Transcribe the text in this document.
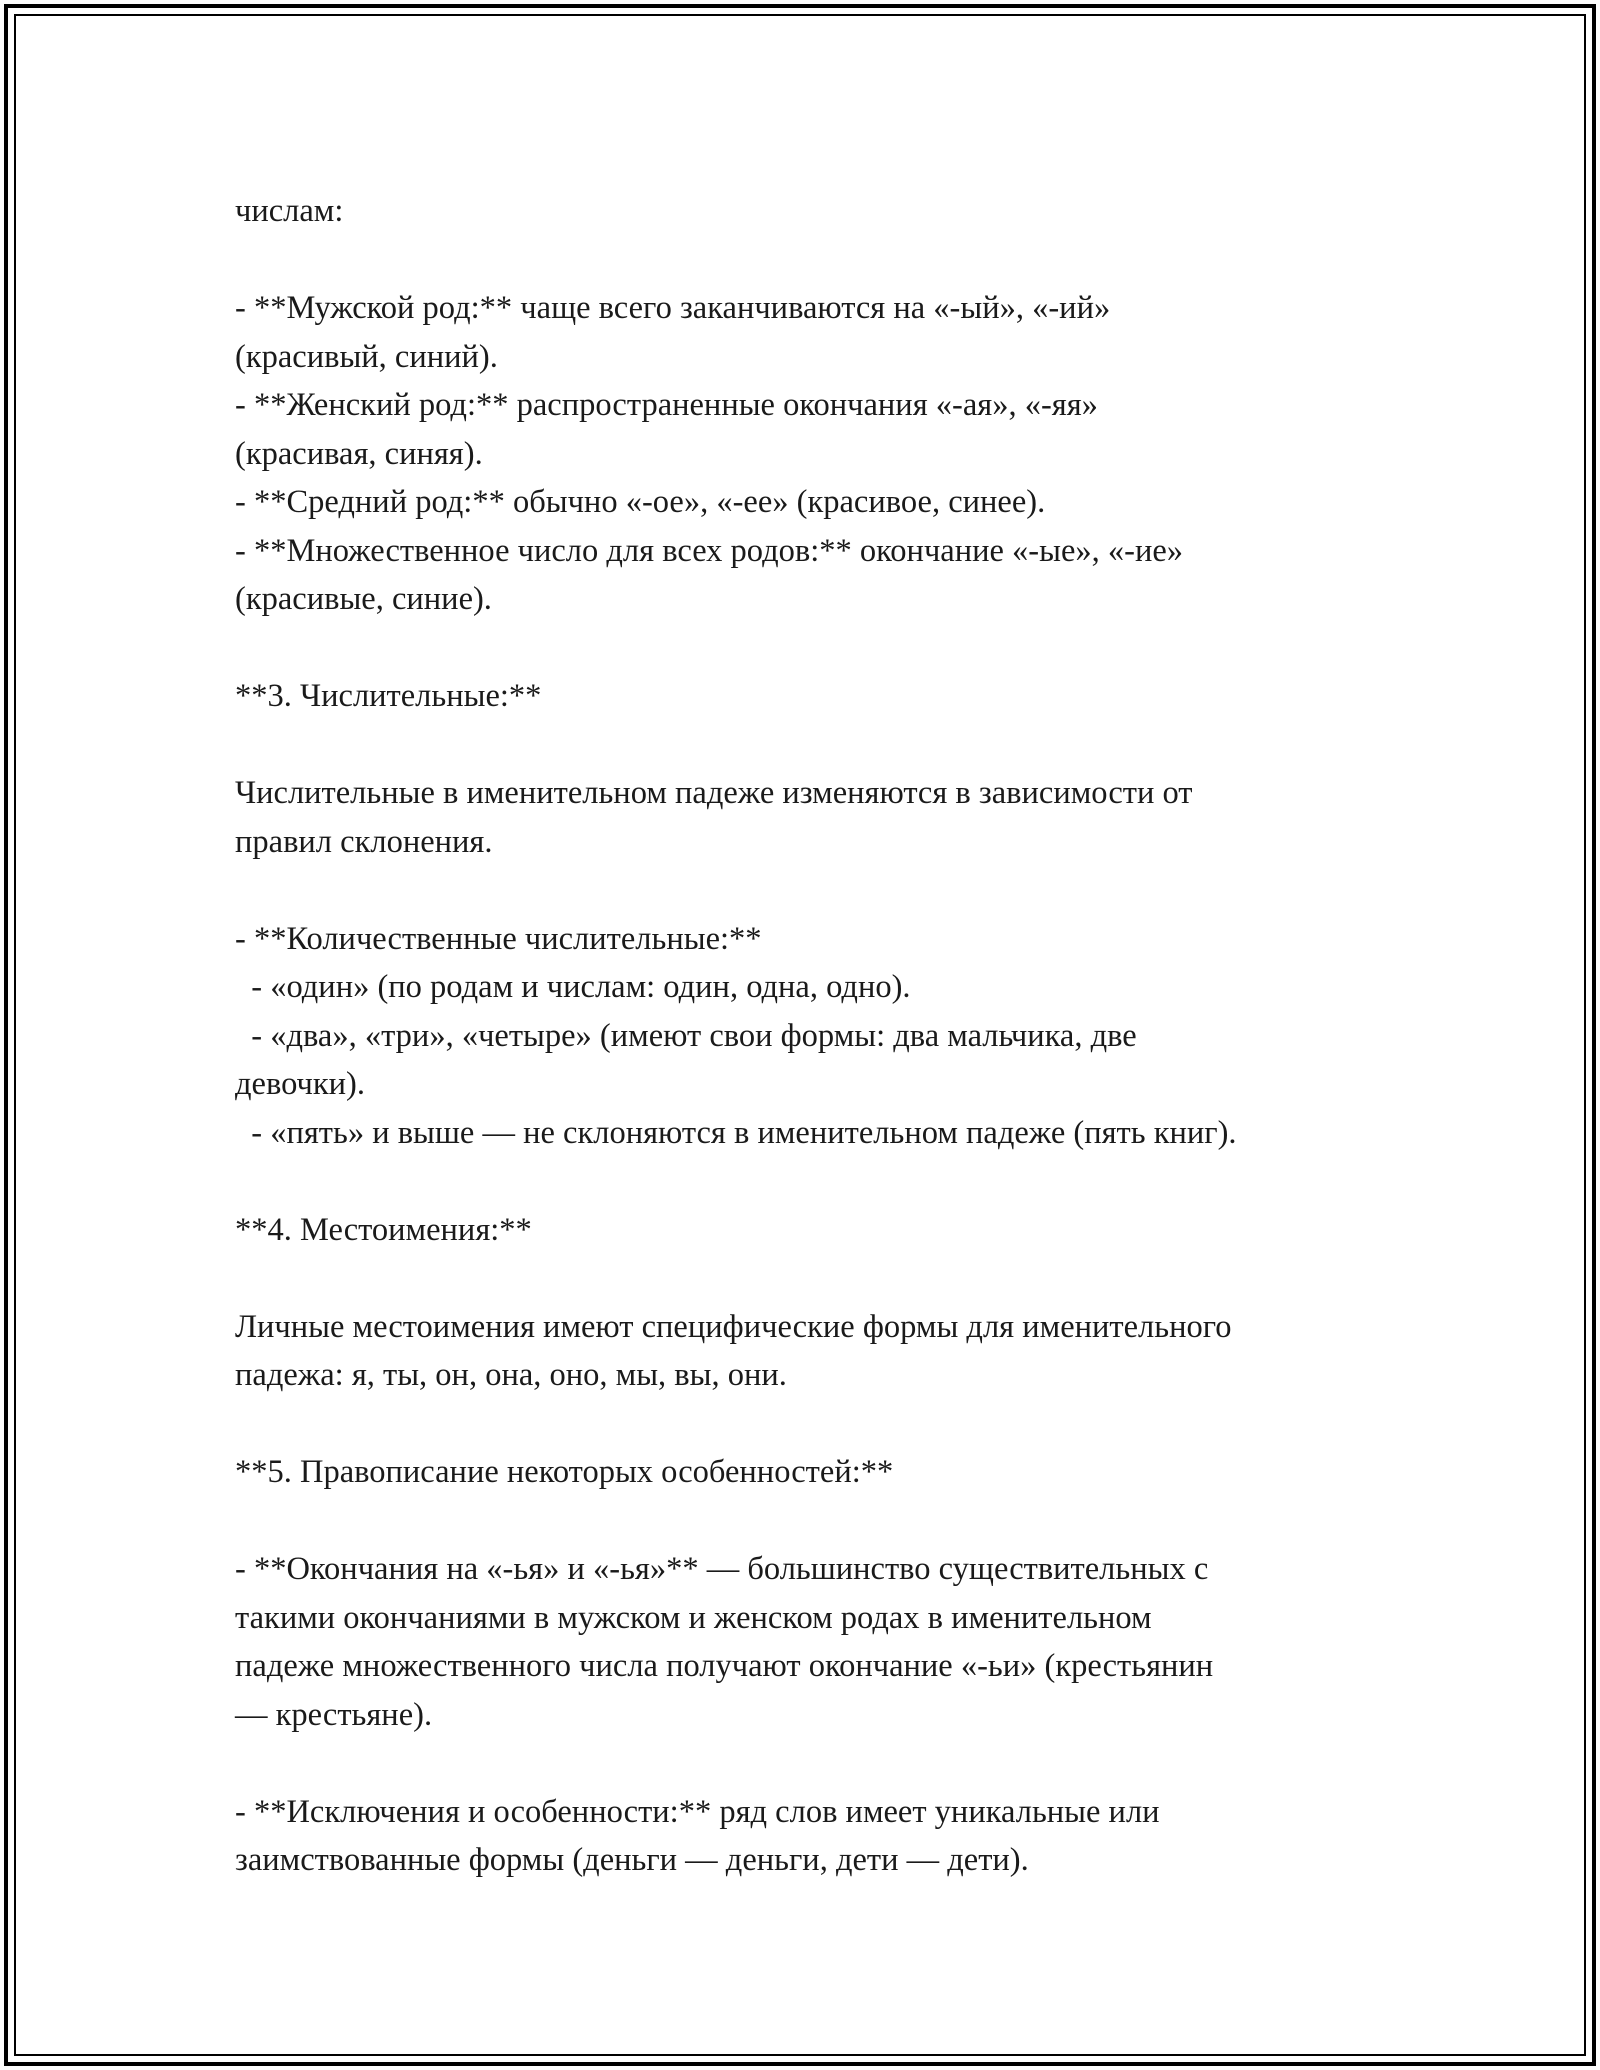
числам:
- **Мужской род:** чаще всего заканчиваются на «-ый», «-ий»
(красивый, синий).
- **Женский род:** распространенные окончания «-ая», «-яя»
(красивая, синяя).
- **Средний род:** обычно «-ое», «-ее» (красивое, синее).
- **Множественное число для всех родов:** окончание «-ые», «-ие»
(красивые, синие).
**3. Числительные:**
Числительные в именительном падеже изменяются в зависимости от
правил склонения.
- **Количественные числительные:**
- «один» (по родам и числам: один, одна, одно).
- «два», «три», «четыре» (имеют свои формы: два мальчика, две
девочки).
- «пять» и выше — не склоняются в именительном падеже (пять книг).
**4. Местоимения:**
Личные местоимения имеют специфические формы для именительного
падежа: я, ты, он, она, оно, мы, вы, они.
**5. Правописание некоторых особенностей:**
- **Окончания на «-ья» и «-ья»** — большинство существительных с
такими окончаниями в мужском и женском родах в именительном
падеже множественного числа получают окончание «-ьи» (крестьянин
— крестьяне).
- **Исключения и особенности:** ряд слов имеет уникальные или
заимствованные формы (деньги — деньги, дети — дети).
